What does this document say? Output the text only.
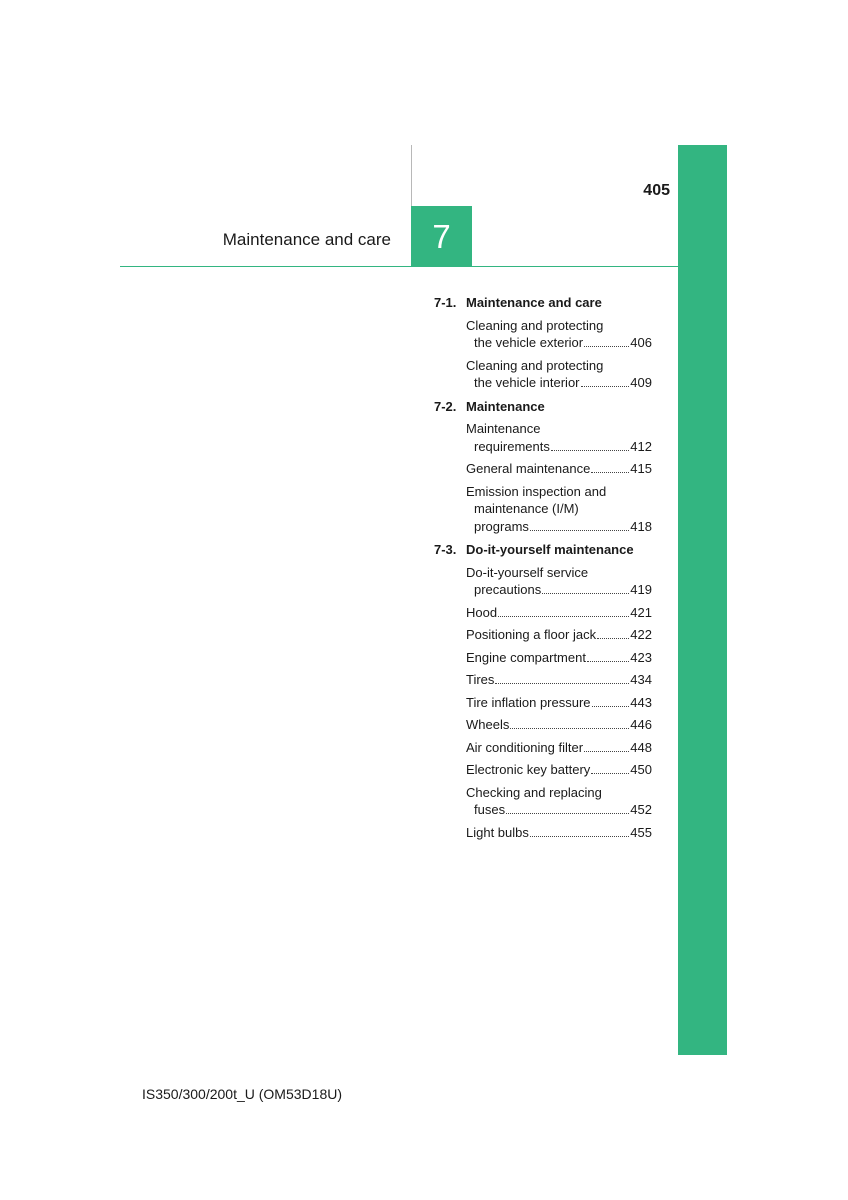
405
Maintenance and care	7
7-1. Maintenance and care
Cleaning and protecting
the vehicle exterior	406
Cleaning and protecting
the vehicle interior	409
7-2. Maintenance
Maintenance
requirements	412
General maintenance	415
Emission inspection and
maintenance (I/M)
programs	418
7-3. Do-it-yourself maintenance
Do-it-yourself service
precautions	419
Hood	421
Positioning a floor jack	422
Engine compartment	423
Tires	434
Tire inflation pressure	443
Wheels	446
Air conditioning filter	448
Electronic key battery	450
Checking and replacing
fuses	452
Light bulbs	455
IS350/300/200t_U (OM53D18U)
